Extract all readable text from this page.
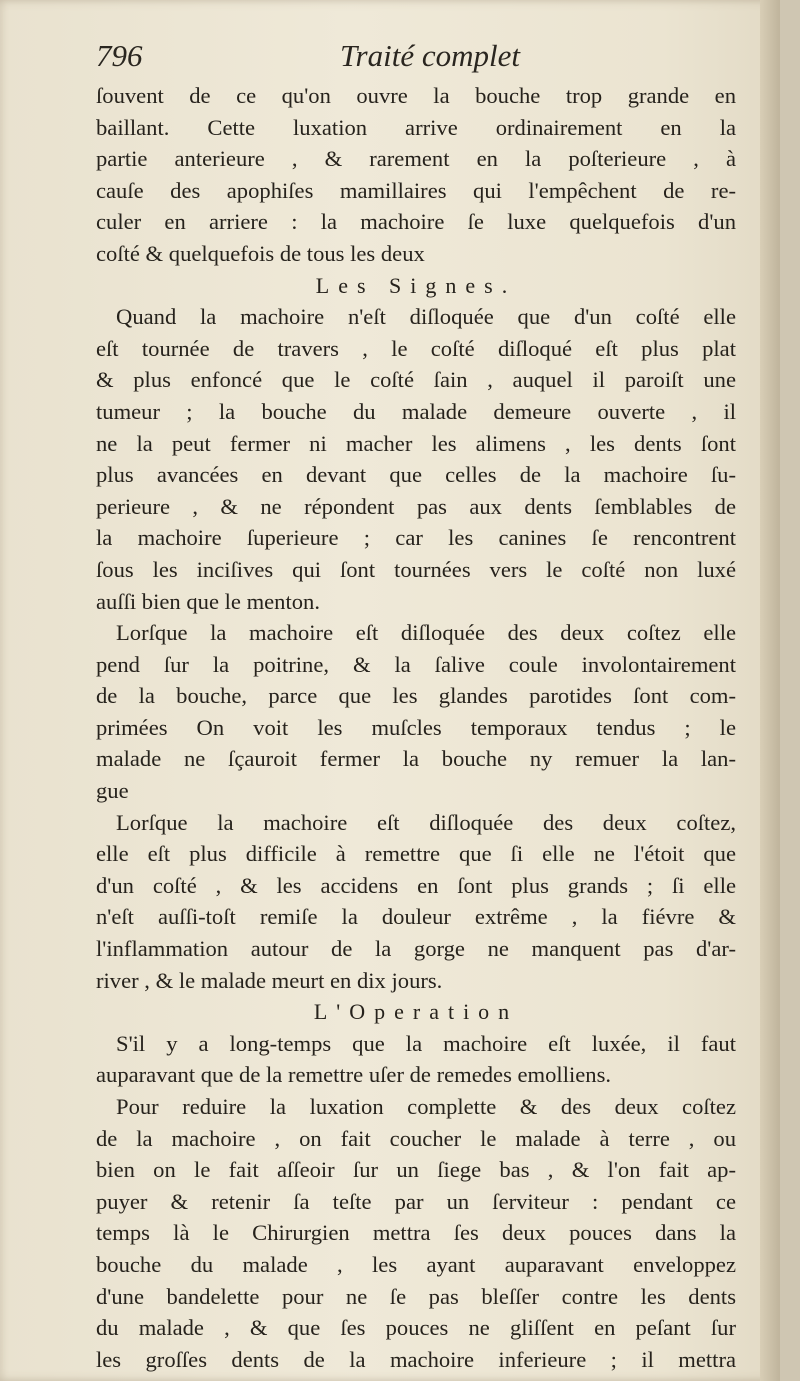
796	Traité complet
ſouvent de ce qu'on ouvre la bouche trop grande en
baillant. Cette luxation arrive ordinairement en la
partie anterieure , & rarement en la poſterieure , à
cauſe des apophiſes mamillaires qui l'empêchent de re-
culer en arriere : la machoire ſe luxe quelquefois d'un
coſté & quelquefois de tous les deux
Les Signes.
Quand la machoire n'eſt diſloquée que d'un coſté elle
eſt tournée de travers , le coſté diſloqué eſt plus plat
& plus enfoncé que le coſté ſain , auquel il paroiſt une
tumeur ; la bouche du malade demeure ouverte , il
ne la peut fermer ni macher les alimens , les dents ſont
plus avancées en devant que celles de la machoire ſu-
perieure , & ne répondent pas aux dents ſemblables de
la machoire ſuperieure ; car les canines ſe rencontrent
ſous les inciſives qui ſont tournées vers le coſté non luxé
auſſi bien que le menton.
Lorſque la machoire eſt diſloquée des deux coſtez elle
pend ſur la poitrine, & la ſalive coule involontairement
de la bouche, parce que les glandes parotides ſont com-
primées On voit les muſcles temporaux tendus ; le
malade ne ſçauroit fermer la bouche ny remuer la lan-
gue
Lorſque la machoire eſt diſloquée des deux coſtez,
elle eſt plus difficile à remettre que ſi elle ne l'étoit que
d'un coſté , & les accidens en ſont plus grands ; ſi elle
n'eſt auſſi-toſt remiſe la douleur extrême , la fiévre &
l'inflammation autour de la gorge ne manquent pas d'ar-
river , & le malade meurt en dix jours.
L'Operation
S'il y a long-temps que la machoire eſt luxée, il faut
auparavant que de la remettre uſer de remedes emolliens.
Pour reduire la luxation complette & des deux coſtez
de la machoire , on fait coucher le malade à terre , ou
bien on le fait aſſeoir ſur un ſiege bas , & l'on fait ap-
puyer & retenir ſa teſte par un ſerviteur : pendant ce
temps là le Chirurgien mettra ſes deux pouces dans la
bouche du malade , les ayant auparavant enveloppez
d'une bandelette pour ne ſe pas bleſſer contre les dents
du malade , & que ſes pouces ne gliſſent en peſant ſur
les groſſes dents de la machoire inferieure ; il mettra
